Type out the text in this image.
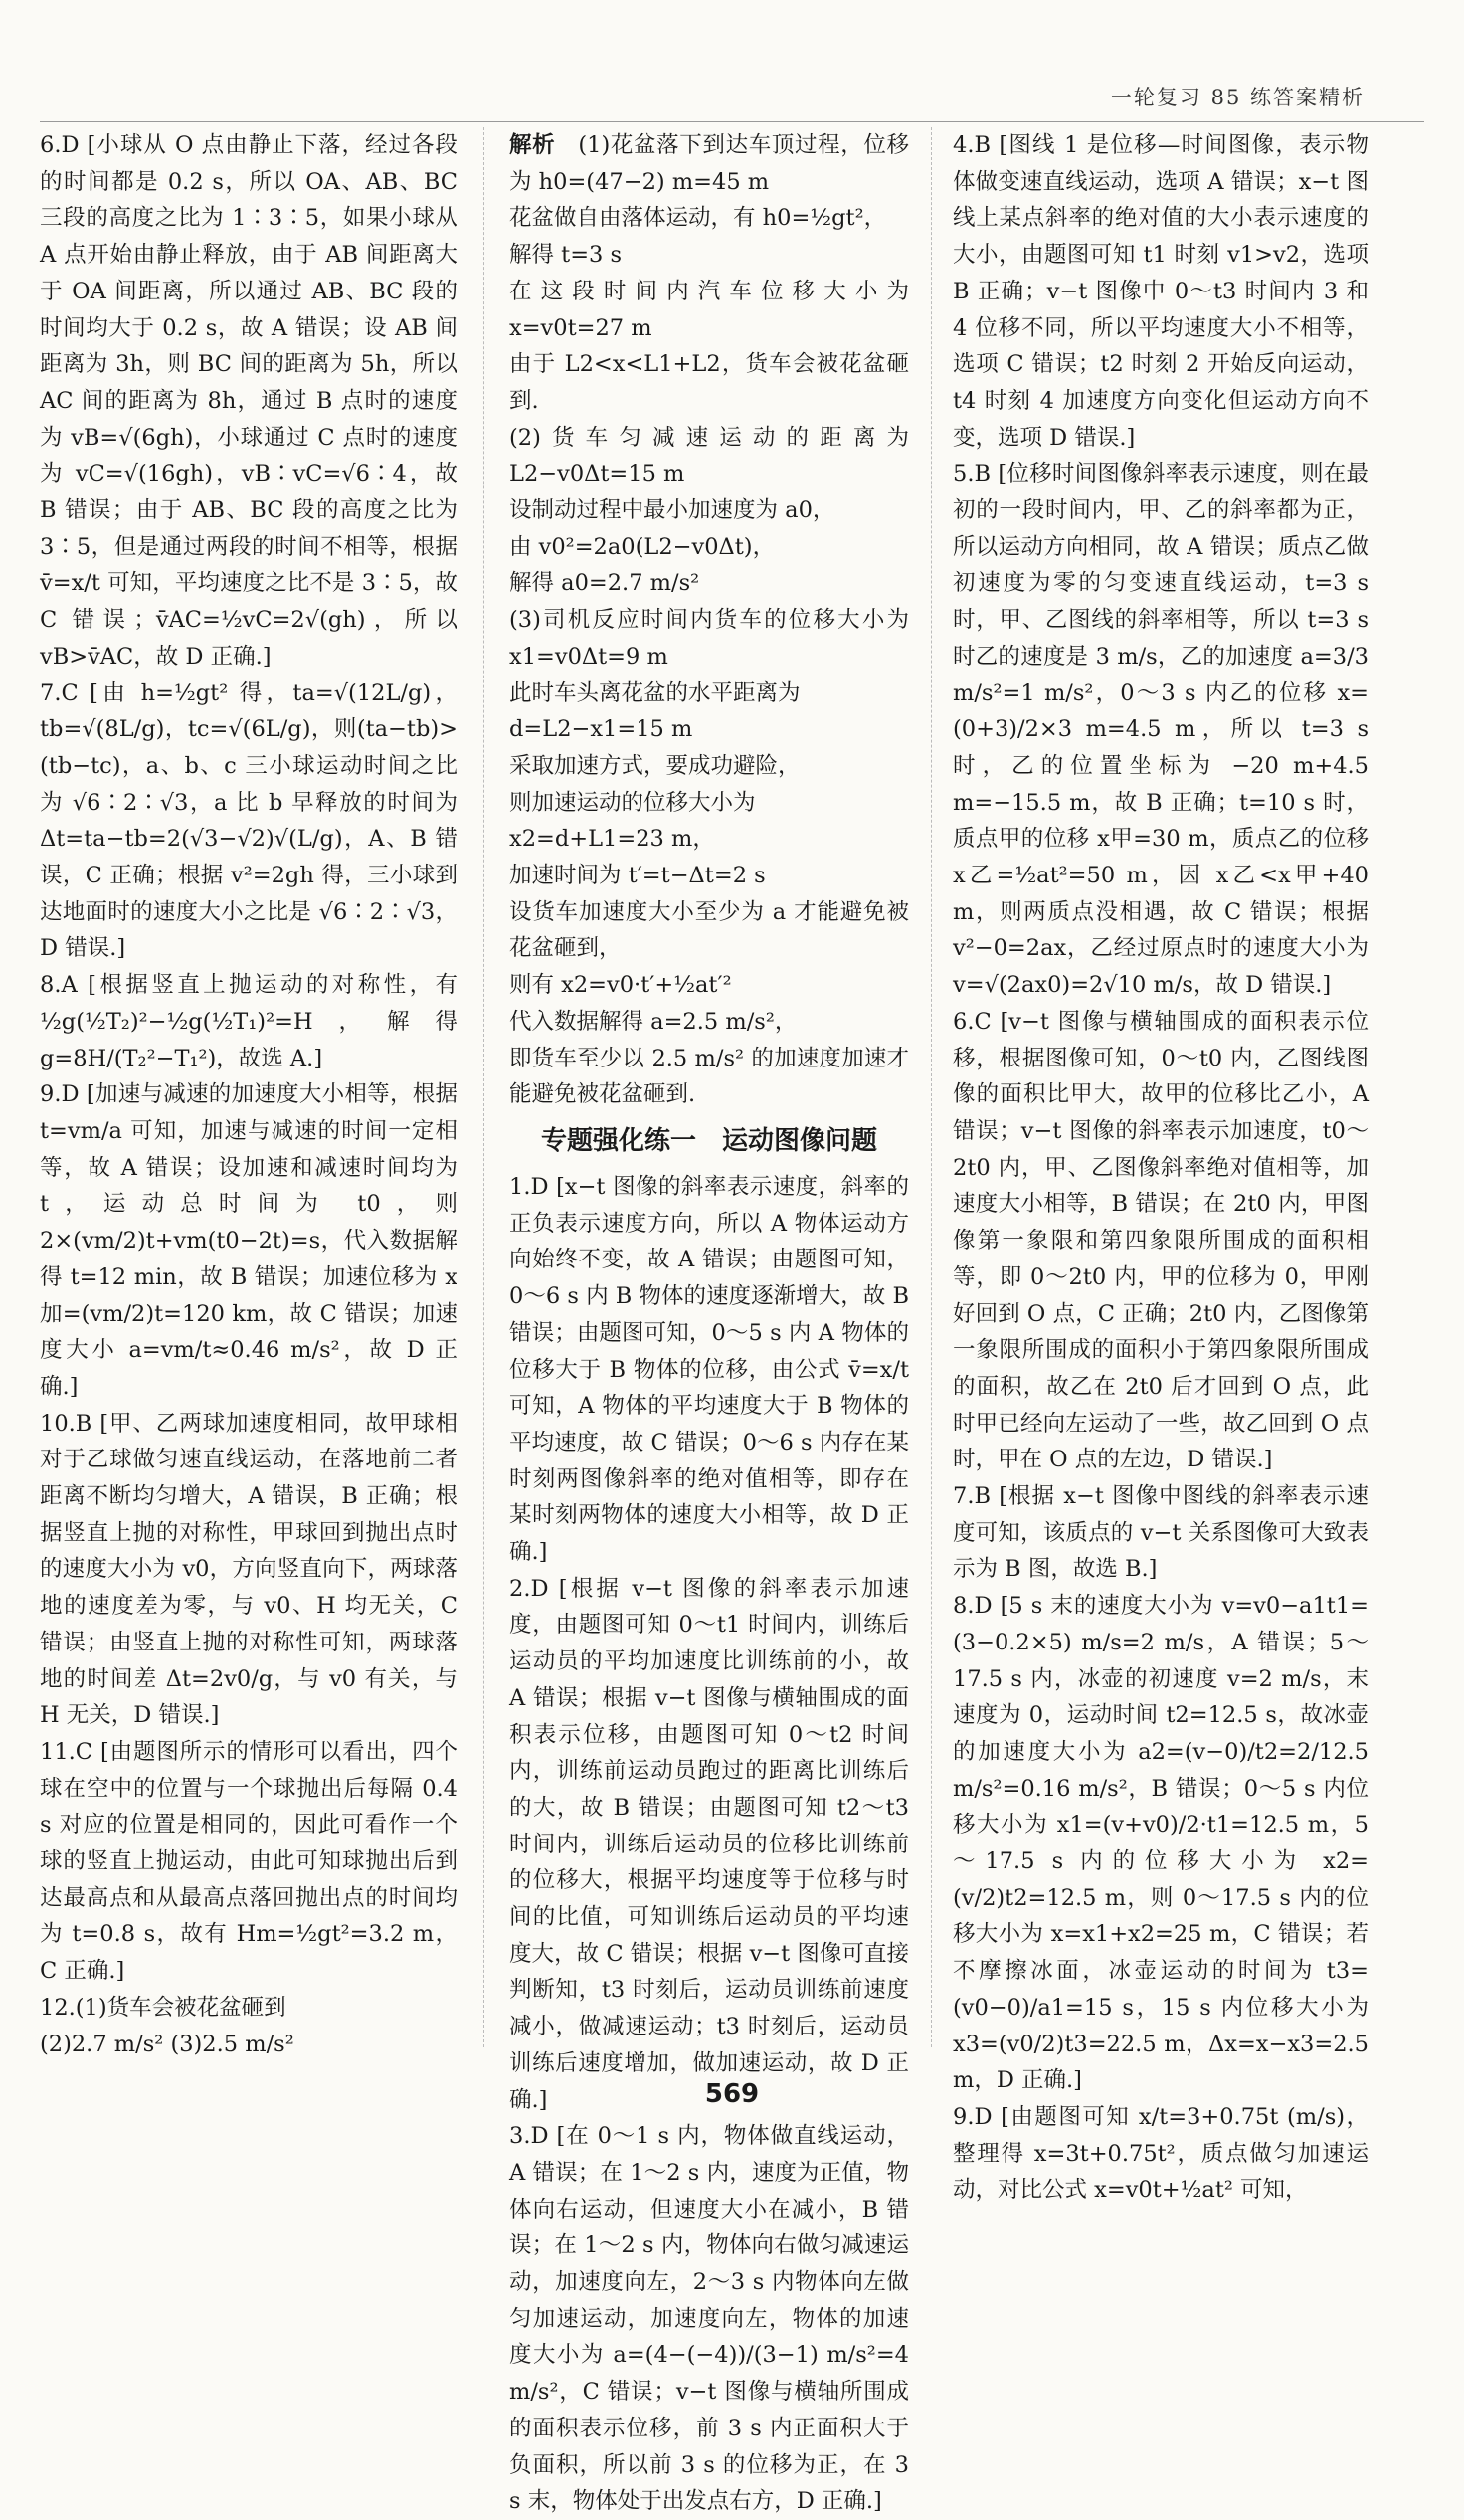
一轮复习 85 练答案精析

6.D [小球从 O 点由静止下落，经过各段的时间都是 0.2 s，所以 OA、AB、BC 三段的高度之比为 1∶3∶5，如果小球从 A 点开始由静止释放，由于 AB 间距离大于 OA 间距离，所以通过 AB、BC 段的时间均大于 0.2 s，故 A 错误；设 AB 间距离为 3h，则 BC 间的距离为 5h，所以 AC 间的距离为 8h，通过 B 点时的速度为 vB=√(6gh)，小球通过 C 点时的速度为 vC=√(16gh)，vB∶vC=√6∶4，故 B 错误；由于 AB、BC 段的高度之比为 3∶5，但是通过两段的时间不相等，根据 v̄=x/t 可知，平均速度之比不是 3∶5，故 C 错误；v̄AC=½vC=2√(gh)，所以 vB>v̄AC，故 D 正确.]

7.C [由 h=½gt² 得，ta=√(12L/g)，tb=√(8L/g)，tc=√(6L/g)，则(ta−tb)>(tb−tc)，a、b、c 三小球运动时间之比为 √6∶2∶√3，a 比 b 早释放的时间为 Δt=ta−tb=2(√3−√2)√(L/g)，A、B 错误，C 正确；根据 v²=2gh 得，三小球到达地面时的速度大小之比是 √6∶2∶√3，D 错误.]

8.A [根据竖直上抛运动的对称性，有 ½g(½T₂)²−½g(½T₁)²=H，解得 g=8H/(T₂²−T₁²)，故选 A.]

9.D [加速与减速的加速度大小相等，根据 t=vm/a 可知，加速与减速的时间一定相等，故 A 错误；设加速和减速时间均为 t，运动总时间为 t0，则 2×(vm/2)t+vm(t0−2t)=s，代入数据解得 t=12 min，故 B 错误；加速位移为 x加=(vm/2)t=120 km，故 C 错误；加速度大小 a=vm/t≈0.46 m/s²，故 D 正确.]

10.B [甲、乙两球加速度相同，故甲球相对于乙球做匀速直线运动，在落地前二者距离不断均匀增大，A 错误，B 正确；根据竖直上抛的对称性，甲球回到抛出点时的速度大小为 v0，方向竖直向下，两球落地的速度差为零，与 v0、H 均无关，C 错误；由竖直上抛的对称性可知，两球落地的时间差 Δt=2v0/g，与 v0 有关，与 H 无关，D 错误.]

11.C [由题图所示的情形可以看出，四个球在空中的位置与一个球抛出后每隔 0.4 s 对应的位置是相同的，因此可看作一个球的竖直上抛运动，由此可知球抛出后到达最高点和从最高点落回抛出点的时间均为 t=0.8 s，故有 Hm=½gt²=3.2 m，C 正确.]

12.(1)货车会被花盆砸到
(2)2.7 m/s² (3)2.5 m/s²

解析　 (1)花盆落下到达车顶过程，位移为 h0=(47−2) m=45 m
花盆做自由落体运动，有 h0=½gt²，
解得 t=3 s
在这段时间内汽车位移大小为 x=v0t=27 m
由于 L2<x<L1+L2，货车会被花盆砸到.
(2)货车匀减速运动的距离为 L2−v0Δt=15 m
设制动过程中最小加速度为 a0，
由 v0²=2a0(L2−v0Δt)，
解得 a0=2.7 m/s²
(3)司机反应时间内货车的位移大小为 x1=v0Δt=9 m
此时车头离花盆的水平距离为
d=L2−x1=15 m
采取加速方式，要成功避险，
则加速运动的位移大小为
x2=d+L1=23 m，
加速时间为 t′=t−Δt=2 s
设货车加速度大小至少为 a 才能避免被花盆砸到，
则有 x2=v0·t′+½at′²
代入数据解得 a=2.5 m/s²，
即货车至少以 2.5 m/s² 的加速度加速才能避免被花盆砸到.

专题强化练一　运动图像问题

1.D [x−t 图像的斜率表示速度，斜率的正负表示速度方向，所以 A 物体运动方向始终不变，故 A 错误；由题图可知，0～6 s 内 B 物体的速度逐渐增大，故 B 错误；由题图可知，0～5 s 内 A 物体的位移大于 B 物体的位移，由公式 v̄=x/t 可知，A 物体的平均速度大于 B 物体的平均速度，故 C 错误；0～6 s 内存在某时刻两图像斜率的绝对值相等，即存在某时刻两物体的速度大小相等，故 D 正确.]

2.D [根据 v−t 图像的斜率表示加速度，由题图可知 0～t1 时间内，训练后运动员的平均加速度比训练前的小，故 A 错误；根据 v−t 图像与横轴围成的面积表示位移，由题图可知 0～t2 时间内，训练前运动员跑过的距离比训练后的大，故 B 错误；由题图可知 t2～t3 时间内，训练后运动员的位移比训练前的位移大，根据平均速度等于位移与时间的比值，可知训练后运动员的平均速度大，故 C 错误；根据 v−t 图像可直接判断知，t3 时刻后，运动员训练前速度减小，做减速运动；t3 时刻后，运动员训练后速度增加，做加速运动，故 D 正确.]

3.D [在 0～1 s 内，物体做直线运动，A 错误；在 1～2 s 内，速度为正值，物体向右运动，但速度大小在减小，B 错误；在 1～2 s 内，物体向右做匀减速运动，加速度向左，2～3 s 内物体向左做匀加速运动，加速度向左，物体的加速度大小为 a=(4−(−4))/(3−1) m/s²=4 m/s²，C 错误；v−t 图像与横轴所围成的面积表示位移，前 3 s 内正面积大于负面积，所以前 3 s 的位移为正，在 3 s 末，物体处于出发点右方，D 正确.]

4.B [图线 1 是位移—时间图像，表示物体做变速直线运动，选项 A 错误；x−t 图线上某点斜率的绝对值的大小表示速度的大小，由题图可知 t1 时刻 v1>v2，选项 B 正确；v−t 图像中 0～t3 时间内 3 和 4 位移不同，所以平均速度大小不相等，选项 C 错误；t2 时刻 2 开始反向运动，t4 时刻 4 加速度方向变化但运动方向不变，选项 D 错误.]

5.B [位移时间图像斜率表示速度，则在最初的一段时间内，甲、乙的斜率都为正，所以运动方向相同，故 A 错误；质点乙做初速度为零的匀变速直线运动，t=3 s 时，甲、乙图线的斜率相等，所以 t=3 s 时乙的速度是 3 m/s，乙的加速度 a=3/3 m/s²=1 m/s²，0～3 s 内乙的位移 x=(0+3)/2×3 m=4.5 m，所以 t=3 s 时，乙的位置坐标为 −20 m+4.5 m=−15.5 m，故 B 正确；t=10 s 时，质点甲的位移 x甲=30 m，质点乙的位移 x乙=½at²=50 m，因 x乙<x甲+40 m，则两质点没相遇，故 C 错误；根据 v²−0=2ax，乙经过原点时的速度大小为 v=√(2ax0)=2√10 m/s，故 D 错误.]

6.C [v−t 图像与横轴围成的面积表示位移，根据图像可知，0～t0 内，乙图线图像的面积比甲大，故甲的位移比乙小，A 错误；v−t 图像的斜率表示加速度，t0～2t0 内，甲、乙图像斜率绝对值相等，加速度大小相等，B 错误；在 2t0 内，甲图像第一象限和第四象限所围成的面积相等，即 0～2t0 内，甲的位移为 0，甲刚好回到 O 点，C 正确；2t0 内，乙图像第一象限所围成的面积小于第四象限所围成的面积，故乙在 2t0 后才回到 O 点，此时甲已经向左运动了一些，故乙回到 O 点时，甲在 O 点的左边，D 错误.]

7.B [根据 x−t 图像中图线的斜率表示速度可知，该质点的 v−t 关系图像可大致表示为 B 图，故选 B.]

8.D [5 s 末的速度大小为 v=v0−a1t1=(3−0.2×5) m/s=2 m/s，A 错误；5～17.5 s 内，冰壶的初速度 v=2 m/s，末速度为 0，运动时间 t2=12.5 s，故冰壶的加速度大小为 a2=(v−0)/t2=2/12.5 m/s²=0.16 m/s²，B 错误；0～5 s 内位移大小为 x1=(v+v0)/2·t1=12.5 m，5～17.5 s 内的位移大小为 x2=(v/2)t2=12.5 m，则 0～17.5 s 内的位移大小为 x=x1+x2=25 m，C 错误；若不摩擦冰面，冰壶运动的时间为 t3=(v0−0)/a1=15 s，15 s 内位移大小为 x3=(v0/2)t3=22.5 m，Δx=x−x3=2.5 m，D 正确.]

9.D [由题图可知 x/t=3+0.75t (m/s)，整理得 x=3t+0.75t²，质点做匀加速运动，对比公式 x=v0t+½at² 可知，

569
